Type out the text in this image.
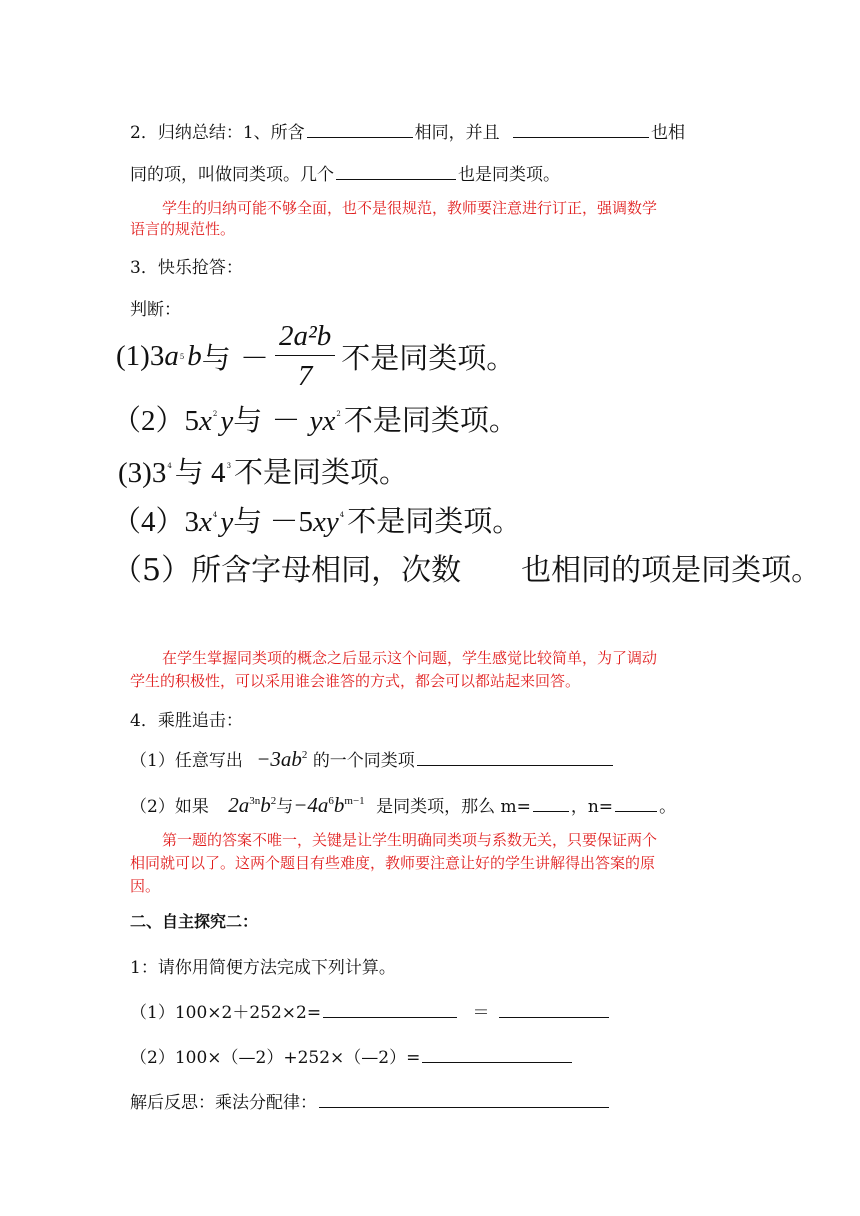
2．归纳总结：1、所含	相同，并且	也相
同的项，叫做同类项。几个	也是同类项。
学生的归纳可能不够全面，也不是很规范，教师要注意进行订正，强调数学
语言的规范性。
3．快乐抢答：
判断：
(1)3 a 5 b 与 － $\frac{\text{2a²b}}{7}$ 不是同类项。
$(2)5x^2$ y与 － $yx^2$ 不是同类项。
$(3)3^4$ 与 $4^3$ 不是同类项。
$(4)3x^4$ y与 $-5xy^4$ 不是同类项。
（5）所含字母相同，次数　　也相同的项是同类项。
在学生掌握同类项的概念之后显示这个问题，学生感觉比较简单，为了调动
学生的积极性，可以采用谁会谁答的方式，都会可以都站起来回答。
4．乘胜追击：
（1）任意写出 $-3ab^2$ 的一个同类项
（2）如果 $2a^{3n}b^2$与$-4a^6b^{m-1}$ 是同类项，那么 m= ，n=	。
第一题的答案不唯一，关键是让学生明确同类项与系数无关，只要保证两个
相同就可以了。这两个题目有些难度，教师要注意让好的学生讲解得出答案的原
因。
二、自主探究二：
1：请你用简便方法完成下列计算。
（1）100×2＋252×2=	＝
（2）100×（—2）+252×（—2）=
解后反思：乘法分配律：
